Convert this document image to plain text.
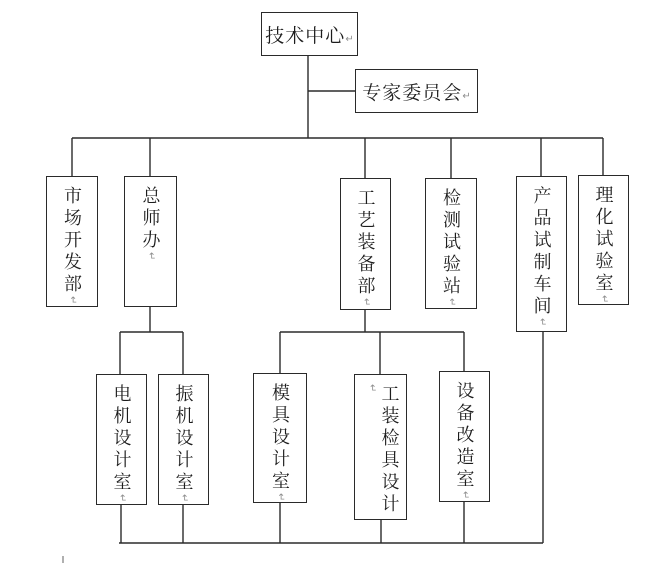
技术中心↵
专家委员会↵
市场开发部↵
总师办↵	工艺装备部↵
检测试验站↵	产品试制车间↵
理化试验室↵
电机设计室↵
振机设计室↵
模具设计室↵	工装检具设计↵	设备改造室↵
